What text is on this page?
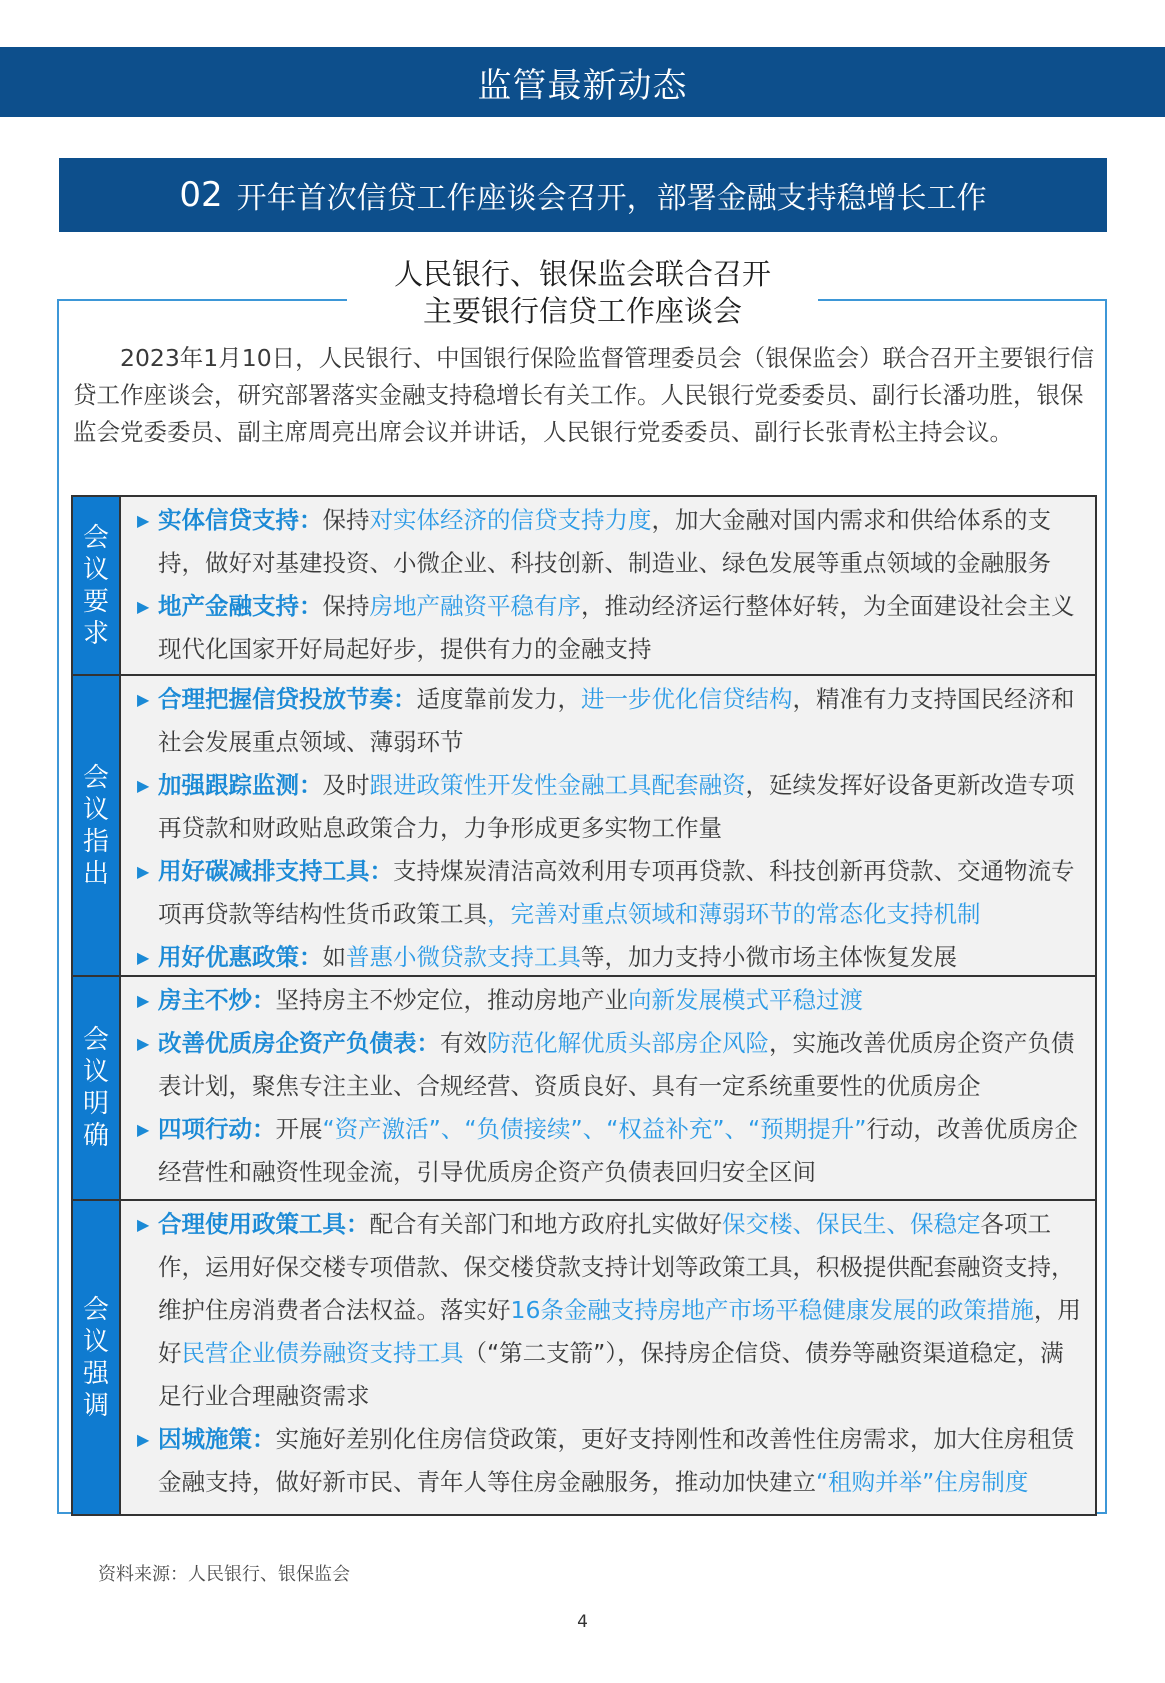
监管最新动态
02 开年首次信贷工作座谈会召开，部署金融支持稳增长工作
人民银行、银保监会联合召开
主要银行信贷工作座谈会
2023年1月10日，人民银行、中国银行保险监督管理委员会（银保监会）联合召开主要银行信贷工作座谈会，研究部署落实金融支持稳增长有关工作。人民银行党委委员、副行长潘功胜，银保监会党委委员、副主席周亮出席会议并讲话，人民银行党委委员、副行长张青松主持会议。
会
议
要
求
▶ 实体信贷支持：保持对实体经济的信贷支持力度，加大金融对国内需求和供给体系的支持，做好对基建投资、小微企业、科技创新、制造业、绿色发展等重点领域的金融服务
▶ 地产金融支持：保持房地产融资平稳有序，推动经济运行整体好转，为全面建设社会主义现代化国家开好局起好步，提供有力的金融支持
会
议
指
出
▶ 合理把握信贷投放节奏：适度靠前发力，进一步优化信贷结构，精准有力支持国民经济和社会发展重点领域、薄弱环节
▶ 加强跟踪监测：及时跟进政策性开发性金融工具配套融资，延续发挥好设备更新改造专项再贷款和财政贴息政策合力，力争形成更多实物工作量
▶ 用好碳减排支持工具：支持煤炭清洁高效利用专项再贷款、科技创新再贷款、交通物流专项再贷款等结构性货币政策工具，完善对重点领域和薄弱环节的常态化支持机制
▶ 用好优惠政策：如普惠小微贷款支持工具等，加力支持小微市场主体恢复发展
会
议
明
确
▶ 房主不炒：坚持房主不炒定位，推动房地产业向新发展模式平稳过渡
▶ 改善优质房企资产负债表：有效防范化解优质头部房企风险，实施改善优质房企资产负债表计划，聚焦专注主业、合规经营、资质良好、具有一定系统重要性的优质房企
▶ 四项行动：开展“资产激活”、“负债接续”、“权益补充”、“预期提升”行动，改善优质房企经营性和融资性现金流，引导优质房企资产负债表回归安全区间
会
议
强
调
▶ 合理使用政策工具：配合有关部门和地方政府扎实做好保交楼、保民生、保稳定各项工作，运用好保交楼专项借款、保交楼贷款支持计划等政策工具，积极提供配套融资支持，维护住房消费者合法权益。落实好16条金融支持房地产市场平稳健康发展的政策措施，用好民营企业债券融资支持工具（“第二支箭”），保持房企信贷、债券等融资渠道稳定，满足行业合理融资需求
▶ 因城施策：实施好差别化住房信贷政策，更好支持刚性和改善性住房需求，加大住房租赁金融支持，做好新市民、青年人等住房金融服务，推动加快建立“租购并举”住房制度
资料来源：人民银行、银保监会
4
